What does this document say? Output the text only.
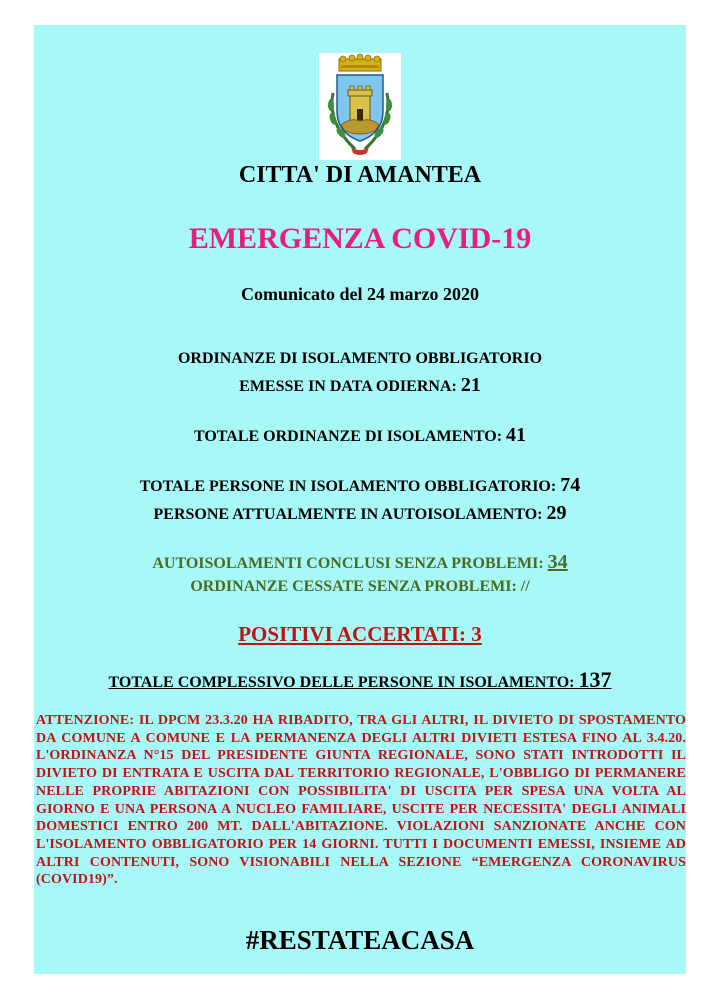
CITTA' DI AMANTEA
EMERGENZA COVID-19

Comunicato del 24 marzo 2020

ORDINANZE DI ISOLAMENTO OBBLIGATORIO

EMESSE IN DATA ODIERNA: 21

TOTALE ORDINANZE DI ISOLAMENTO: 41

TOTALE PERSONE IN ISOLAMENTO OBBLIGATORIO: 74

PERSONE ATTUALMENTE IN AUTOISOLAMENTO: 29

AUTOISOLAMENTI CONCLUSI SENZA PROBLEMI: 34

ORDINANZE CESSATE SENZA PROBLEMI: //

POSITIVI ACCERTATI: 3

TOTALE COMPLESSIVO DELLE PERSONE IN ISOLAMENTO: 137

ATTENZIONE: IL DPCM 23.3.20 HA RIBADITO, TRA GLI ALTRI, IL DIVIETO DI SPOSTAMENTO DA COMUNE A COMUNE E LA PERMANENZA DEGLI ALTRI DIVIETI ESTESA FINO AL 3.4.20. L'ORDINANZA N°15 DEL PRESIDENTE GIUNTA REGIONALE, SONO STATI INTRODOTTI IL DIVIETO DI ENTRATA E USCITA DAL TERRITORIO REGIONALE, L'OBBLIGO DI PERMANERE NELLE PROPRIE ABITAZIONI CON POSSIBILITA' DI USCITA PER SPESA UNA VOLTA AL GIORNO E UNA PERSONA A NUCLEO FAMILIARE, USCITE PER NECESSITA' DEGLI ANIMALI DOMESTICI ENTRO 200 MT. DALL'ABITAZIONE. VIOLAZIONI SANZIONATE ANCHE CON L'ISOLAMENTO OBBLIGATORIO PER 14 GIORNI. TUTTI I DOCUMENTI EMESSI, INSIEME AD ALTRI CONTENUTI, SONO VISIONABILI NELLA SEZIONE “EMERGENZA CORONAVIRUS (COVID19)”.

#RESTATEACASA
